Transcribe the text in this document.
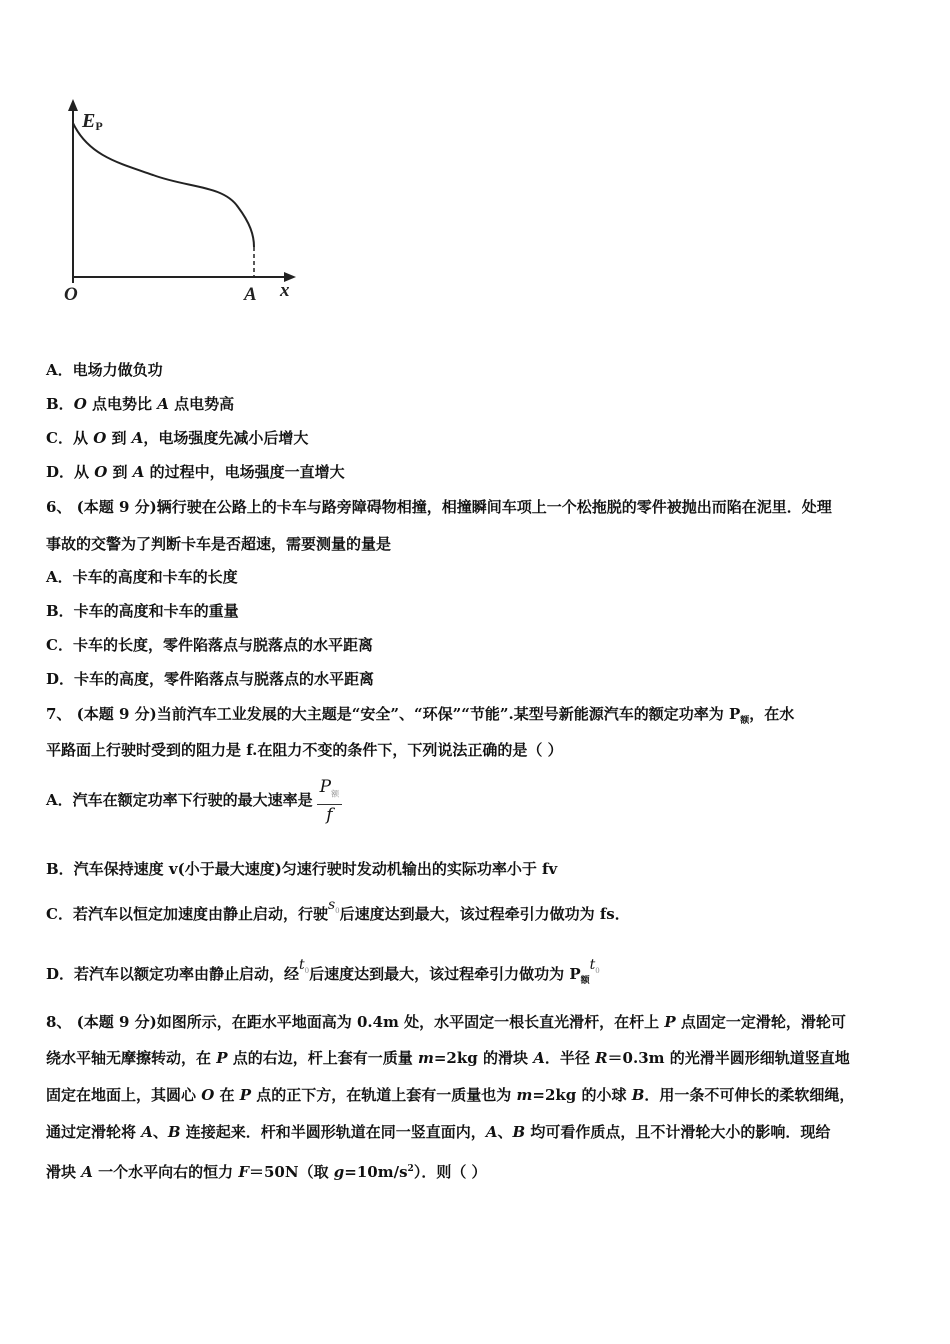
EP
O	A x
A．电场力做负功
B．O 点电势比 A 点电势高
C．从 O 到 A，电场强度先减小后增大
D．从 O 到 A 的过程中，电场强度一直增大
6、 (本题 9 分)辆行驶在公路上的卡车与路旁障碍物相撞，相撞瞬间车项上一个松拖脱的零件被抛出而陷在泥里．处理
事故的交警为了判断卡车是否超速，需要测量的量是
A．卡车的高度和卡车的长度
B．卡车的高度和卡车的重量
C．卡车的长度，零件陷落点与脱落点的水平距离
D．卡车的高度，零件陷落点与脱落点的水平距离
7、 (本题 9 分)当前汽车工业发展的大主题是“安全”、“环保”“节能”.某型号新能源汽车的额定功率为 $P_额$，在水
平路面上行驶时受到的阻力是 f.在阻力不变的条件下，下列说法正确的是（ ）
A．汽车在额定功率下行驶的最大速率是 $\frac{P_额}{f}$
B．汽车保持速度 v(小于最大速度)匀速行驶时发动机输出的实际功率小于 fv
C．若汽车以恒定加速度由静止启动，行驶$s_0$后速度达到最大，该过程牵引力做功为 fs．
D．若汽车以额定功率由静止启动，经$t_0$后速度达到最大，该过程牵引力做功为 $P_额t_0$
8、 (本题 9 分)如图所示，在距水平地面高为 0.4m 处，水平固定一根长直光滑杆，在杆上 P 点固定一定滑轮，滑轮可
绕水平轴无摩擦转动，在 P 点的右边，杆上套有一质量 m=2kg 的滑块 A．半径 R＝0.3m 的光滑半圆形细轨道竖直地
固定在地面上，其圆心 O 在 P 点的正下方，在轨道上套有一质量也为 m=2kg 的小球 B．用一条不可伸长的柔软细绳，
通过定滑轮将 A、B 连接起来．杆和半圆形轨道在同一竖直面内，A、B 均可看作质点，且不计滑轮大小的影响．现给
滑块 A 一个水平向右的恒力 F＝50N（取 $g=10m/s^2$）．则（ ）
